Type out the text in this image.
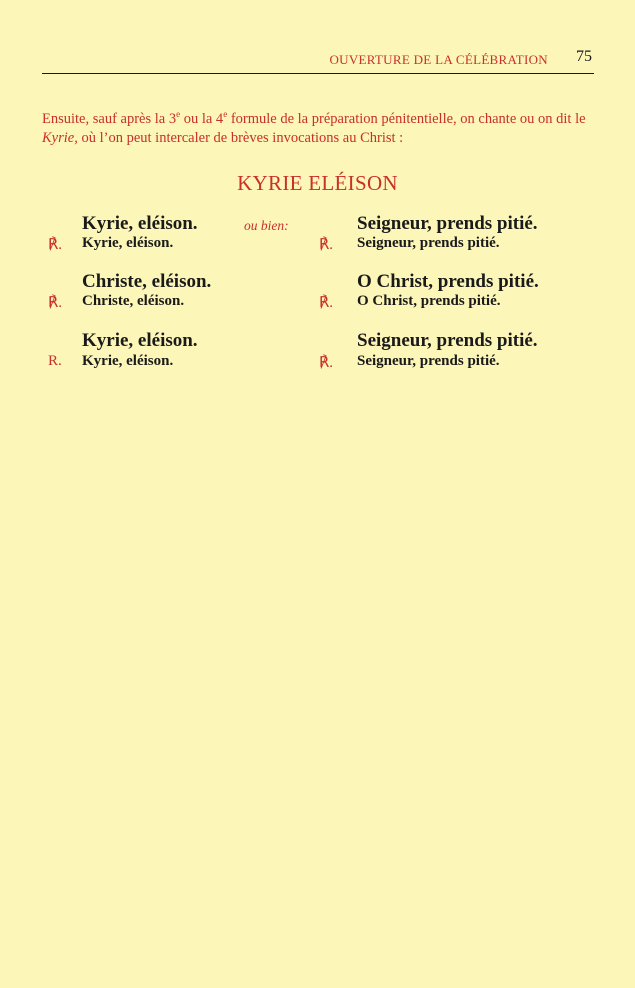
OUVERTURE DE LA CÉLÉBRATION 75
Ensuite, sauf après la 3e ou la 4e formule de la préparation pénitentielle, on chante ou on dit le Kyrie, où l’on peut intercaler de brèves invocations au Christ :
KYRIE ELÉISON
ou bien:
Kyrie, eléison.
Christe, eléison.
Kyrie, eléison.
℟. Kyrie, eléison.
℟. Christe, eléison.
R. Kyrie, eléison.
Seigneur, prends pitié.
O Christ, prends pitié.
Seigneur, prends pitié.
℟. Seigneur, prends pitié.
℟. O Christ, prends pitié.
℟. Seigneur, prends pitié.
